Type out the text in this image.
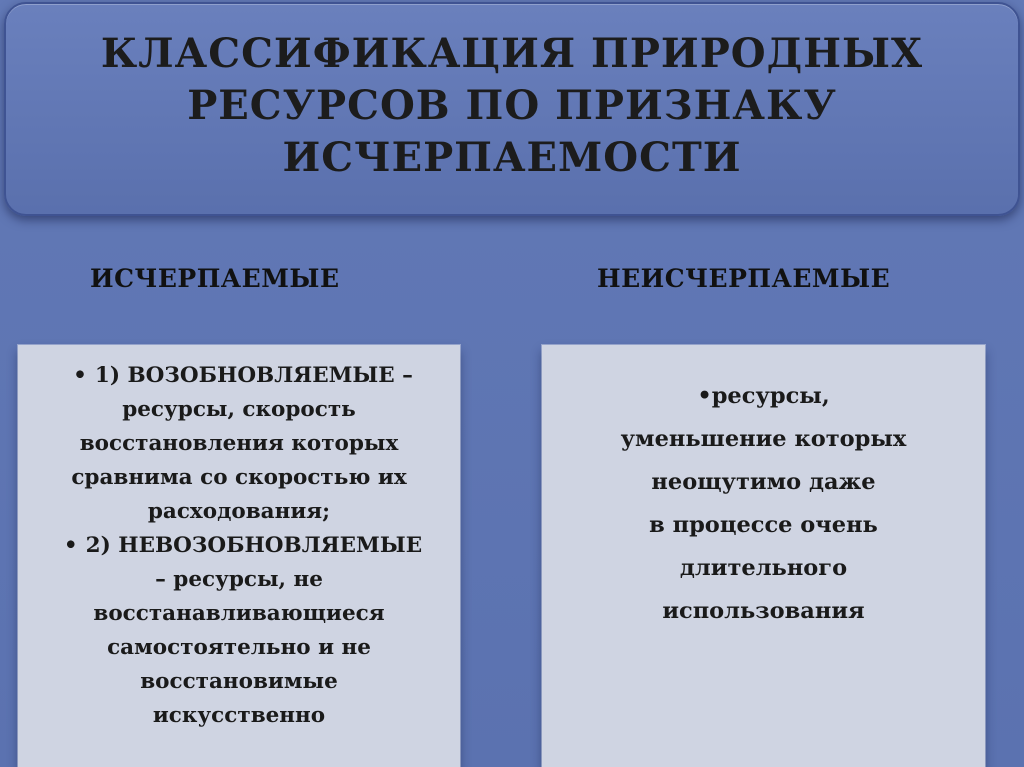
КЛАССИФИКАЦИЯ ПРИРОДНЫХ
РЕСУРСОВ ПО ПРИЗНАКУ
ИСЧЕРПАЕМОСТИ
ИСЧЕРПАЕМЫЕ	НЕИСЧЕРПАЕМЫЕ
• 1) ВОЗОБНОВЛЯЕМЫЕ –
ресурсы, скорость
восстановления которых
сравнима со скоростью их
расходования;
• 2) НЕВОЗОБНОВЛЯЕМЫЕ
– ресурсы, не
восстанавливающиеся
самостоятельно и не
восстановимые
искусственно
•ресурсы,
уменьшение которых
неощутимо даже
в процессе очень
длительного
использования
